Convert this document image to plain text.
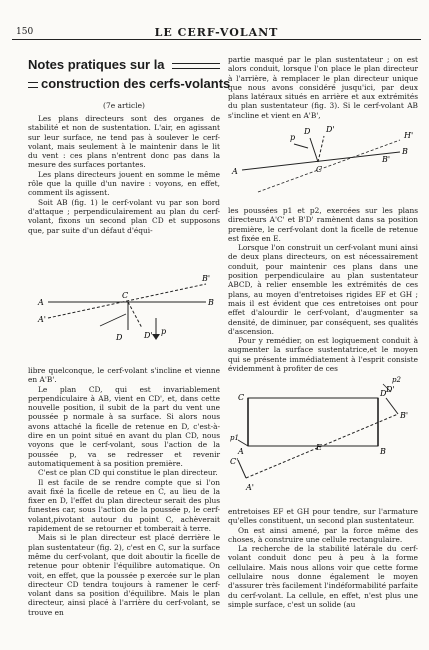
150	LE CERF-VOLANT
Notes pratiques sur la
construction des cerfs-volants
(7e article)

Les plans directeurs sont des organes de stabilité et non de sustentation. L'air, en agissant sur leur surface, ne tend pas à soulever le cerf-volant, mais seulement à le maintenir dans le lit du vent : ces plans n'entrent donc pas dans la mesure des surfaces portantes.

Les plans directeurs jouent en somme le même rôle que la quille d'un navire : voyons, en effet, comment ils agissent.

Soit AB (fig. 1) le cerf-volant vu par son bord d'attaque ; perpendiculairement au plan du cerf-volant, fixons un second plan CD et supposons que, par suite d'un défaut d'équi-

A
A'
B
B'
C
D	D' p

libre quelconque, le cerf-volant s'incline et vienne en A'B'.

Le plan CD, qui est invariablement perpendiculaire à AB, vient en CD', et, dans cette nouvelle position, il subit de la part du vent une poussée p normale à sa surface. Si alors nous avons attaché la ficelle de retenue en D, c'est-à-dire en un point situé en avant du plan CD, nous voyons que le cerf-volant, sous l'action de la poussée p, va se redresser et revenir automatiquement à sa position première.

C'est ce plan CD qui constitue le plan directeur.

Il est facile de se rendre compte que si l'on avait fixé la ficelle de reteue en C, au lieu de la fixer en D, l'effet du plan directeur serait des plus funestes car, sous l'action de la poussée p, le cerf-volant,pivotant autour du point C, achèverait rapidement de se retourner et tomberait à terre.

Mais si le plan directeur est placé derrière le plan sustentateur (fig. 2), c'est en C, sur la surface même du cerf-volant, que doit aboutir la ficelle de retenue pour obtenir l'équilibre automatique. On voit, en effet, que la poussée p exercée sur le plan directeur CD tendra toujours à ramener le cerf-volant dans sa position d'équilibre. Mais le plan directeur, ainsi placé à l'arrière du cerf-volant, se trouve en

partie masqué par le plan sustentateur ; on est alors conduit, lorsque l'on place le plan directeur à l'arrière, à remplacer le plan directeur unique que nous avons considéré jusqu'ici, par deux plans latéraux situés en arrière et aux extrémités du plan sustentateur (fig. 3). Si le cerf-volant AB s'incline et vient en A'B',

A	C
D D'
p
B
B'
H'

les poussées p1 et p2, exercées sur les plans directeurs A'C' et B'D' ramènent dans sa position première, le cerf-volant dont la ficelle de retenue est fixée en E.

Lorsque l'on construit un cerf-volant muni ainsi de deux plans directeurs, on est nécessairement conduit, pour maintenir ces plans dans une position perpendiculaire au plan sustentateur ABCD, à relier ensemble les extrémités de ces plans, au moyen d'entretoises rigides EF et GH ; mais il est évident que ces entretoises ont pour effet d'alourdir le cerf-volant, d'augmenter sa densité, de diminuer, par conséquent, ses qualités d'ascension.

Pour y remédier, on est logiquement conduit à augmenter la surface sustentatrice,et le moyen qui se présente immédiatement à l'esprit consiste évidemment à profiter de ces

C	D
A	B
E
A'
C'
D'
B'
p1
p2

entretoises EF et GH pour tendre, sur l'armature qu'elles constituent, un second plan sustentateur.

On est ainsi amené, par la force même des choses, à construire une cellule rectangulaire.

La recherche de la stabilité latérale du cerf-volant conduit donc peu à peu à la forme cellulaire. Mais nous allons voir que cette forme cellulaire nous donne également le moyen d'assurer très facilement l'indéformabilité parfaite du cerf-volant. La cellule, en effet, n'est plus une simple surface, c'est un solide (au
